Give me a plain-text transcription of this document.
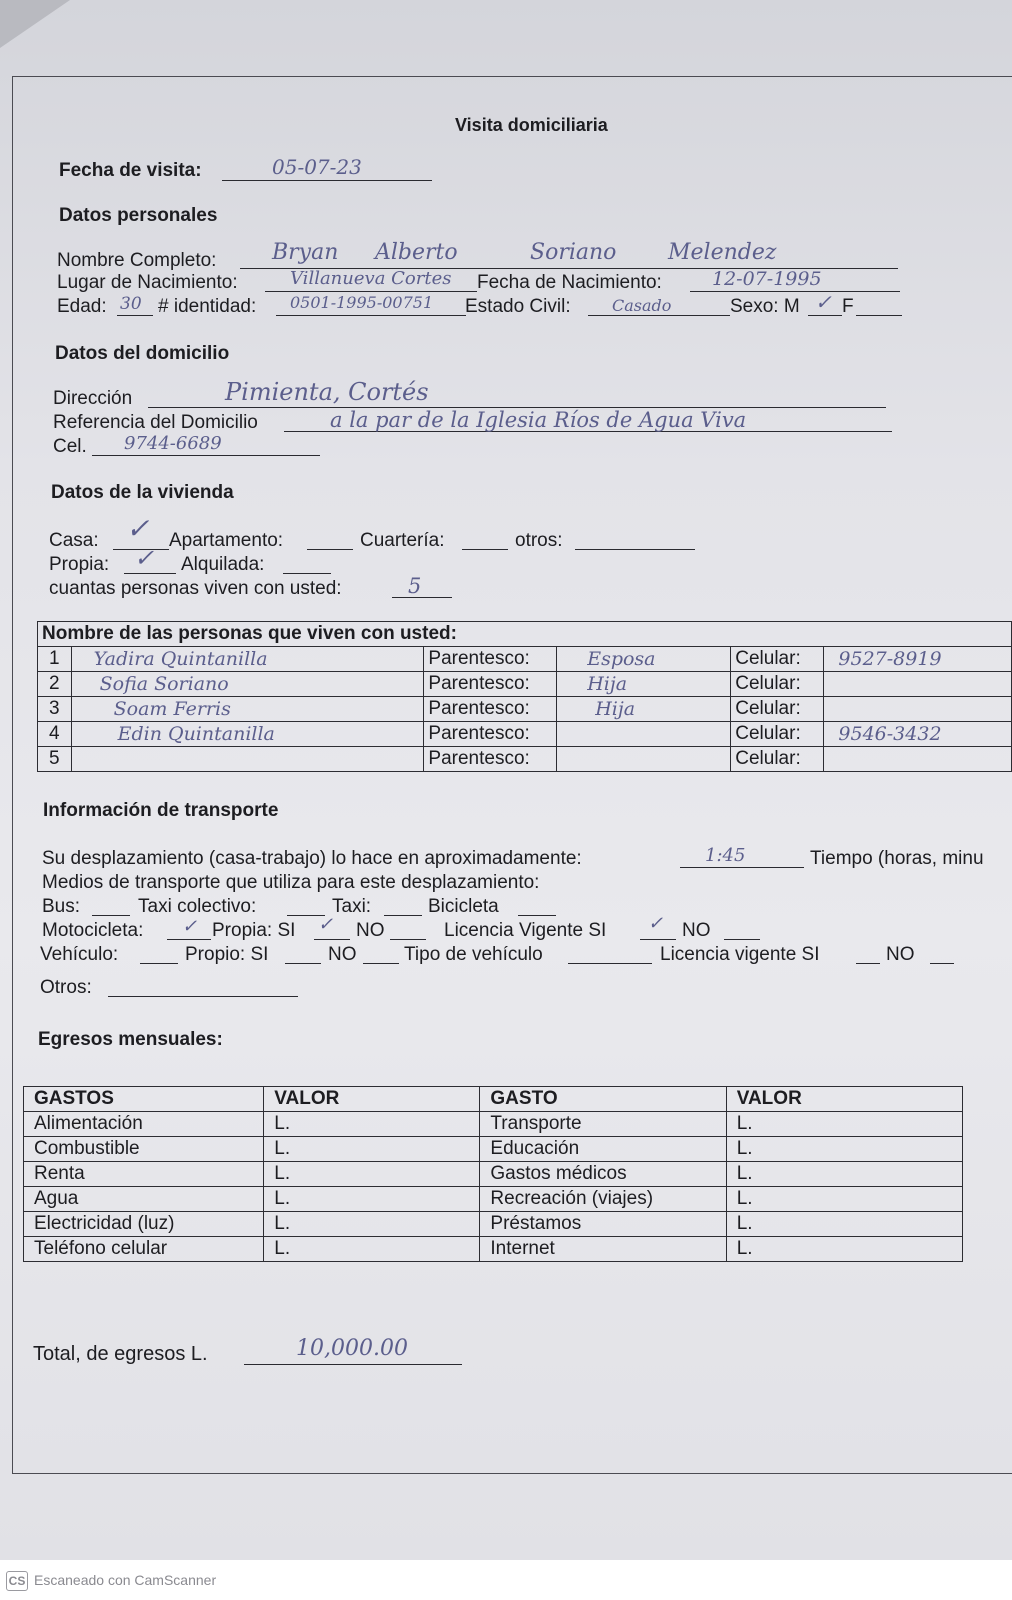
Visita domiciliaria
Fecha de visita:	05-07-23
Datos personales
Nombre Completo:	Bryan Alberto	Soriano Melendez
Lugar de Nacimiento:	Villanueva Cortes Fecha de Nacimiento:	12-07-1995
Edad: 30 # identidad: 0501-1995-00751 Estado Civil:	Casado	Sexo: M ✓ F
Datos del domicilio
Dirección	Pimienta, Cortés
Referencia del Domicilio	a la par de la Iglesia Ríos de Agua Viva
Cel. 9744-6689
Datos de la vivienda
Casa: ✓ Apartamento:	Cuartería:	otros:
Propia: ✓ Alquilada:
cuantas personas viven con usted:	5
Nombre de las personas que viven con usted:					
1	Yadira Quintanilla	Parentesco:	Esposa	Celular:	9527-8919
2	Sofia Soriano	Parentesco:	Hija	Celular:	
3	Soam Ferris	Parentesco:	Hija	Celular:	
4	Edin Quintanilla	Parentesco:		Celular:	9546-3432
5		Parentesco:		Celular:	
Información de transporte
Su desplazamiento (casa-trabajo) lo hace en aproximadamente:	1:45	Tiempo (horas, minu
Medios de transporte que utiliza para este desplazamiento:
Bus:	Taxi colectivo:	Taxi:	Bicicleta
Motocicleta: ✓ Propia: SI ✓ NO	Licencia Vigente SI ✓ NO
Vehículo:	Propio: SI	NO	Tipo de vehículo	Licencia vigente SI	NO
Otros:
Egresos mensuales:
GASTOS	VALOR	GASTO	VALOR
Alimentación	L.	Transporte	L.
Combustible	L.	Educación	L.
Renta	L.	Gastos médicos	L.
Agua	L.	Recreación (viajes)	L.
Electricidad (luz)	L.	Préstamos	L.
Teléfono celular	L.	Internet	L.
Total, de egresos L.	10,000.00
CS Escaneado con CamScanner
